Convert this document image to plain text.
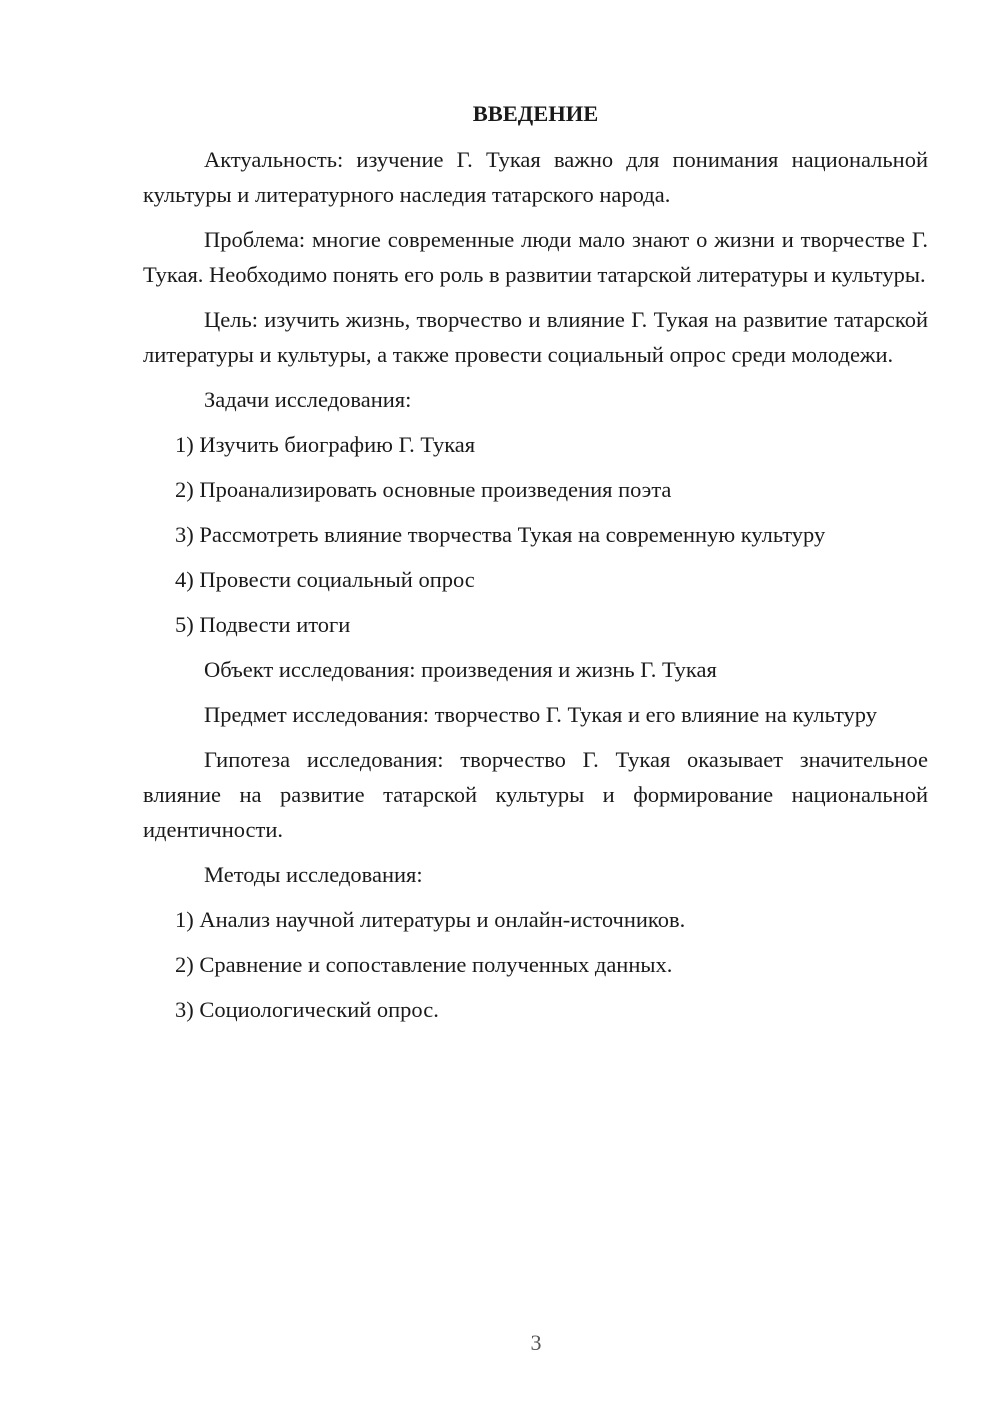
ВВЕДЕНИЕ

Актуальность: изучение Г. Тукая важно для понимания национальной культуры и литературного наследия татарского народа.

Проблема: многие современные люди мало знают о жизни и творчестве Г. Тукая. Необходимо понять его роль в развитии татарской литературы и культуры.

Цель: изучить жизнь, творчество и влияние Г. Тукая на развитие татарской литературы и культуры, а также провести социальный опрос среди молодежи.

Задачи исследования:

1) Изучить биографию Г. Тукая
2) Проанализировать основные произведения поэта
3) Рассмотреть влияние творчества Тукая на современную культуру
4) Провести социальный опрос
5) Подвести итоги

Объект исследования: произведения и жизнь Г. Тукая

Предмет исследования: творчество Г. Тукая и его влияние на культуру

Гипотеза исследования: творчество Г. Тукая оказывает значительное влияние на развитие татарской культуры и формирование национальной идентичности.

Методы исследования:

1) Анализ научной литературы и онлайн-источников.
2) Сравнение и сопоставление полученных данных.
3) Социологический опрос.
3
